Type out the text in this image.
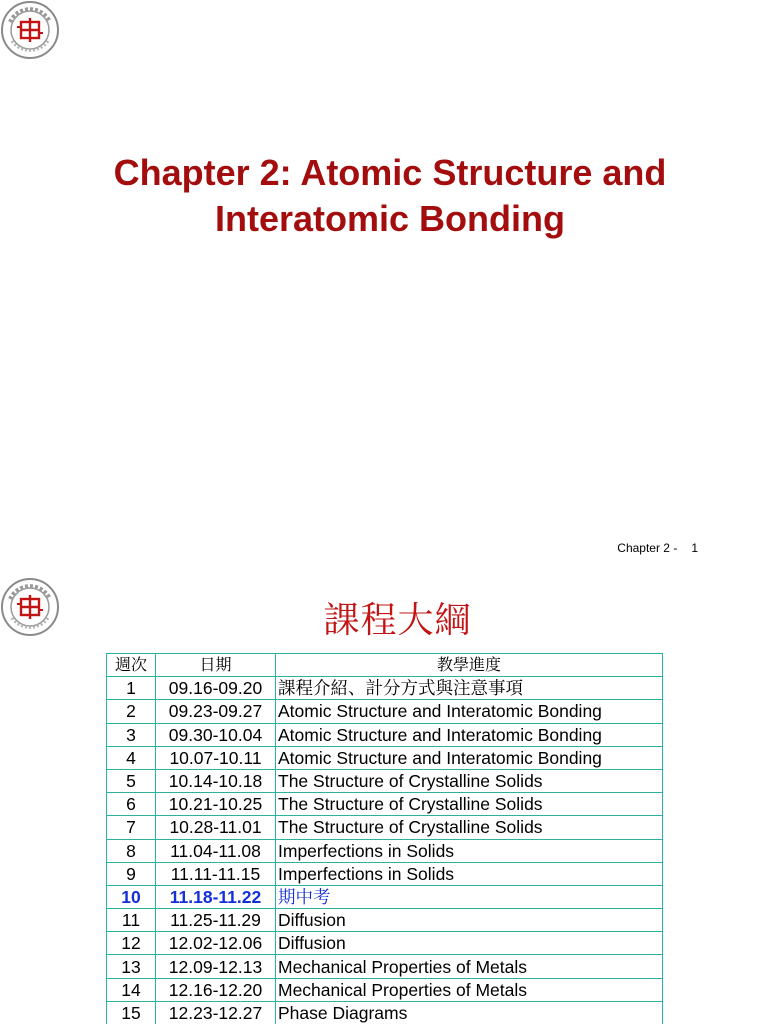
Chapter 2: Atomic Structure and
Interatomic Bonding
Chapter 2 - 1
課程大綱
週次	日期	教學進度
1	09.16-09.20	課程介紹、計分方式與注意事項
2	09.23-09.27	Atomic Structure and Interatomic Bonding
3	09.30-10.04	Atomic Structure and Interatomic Bonding
4	10.07-10.11	Atomic Structure and Interatomic Bonding
5	10.14-10.18	The Structure of Crystalline Solids
6	10.21-10.25	The Structure of Crystalline Solids
7	10.28-11.01	The Structure of Crystalline Solids
8	11.04-11.08	Imperfections in Solids
9	11.11-11.15	Imperfections in Solids
10	11.18-11.22	期中考
11	11.25-11.29	Diffusion
12	12.02-12.06	Diffusion
13	12.09-12.13	Mechanical Properties of Metals
14	12.16-12.20	Mechanical Properties of Metals
15	12.23-12.27	Phase Diagrams
